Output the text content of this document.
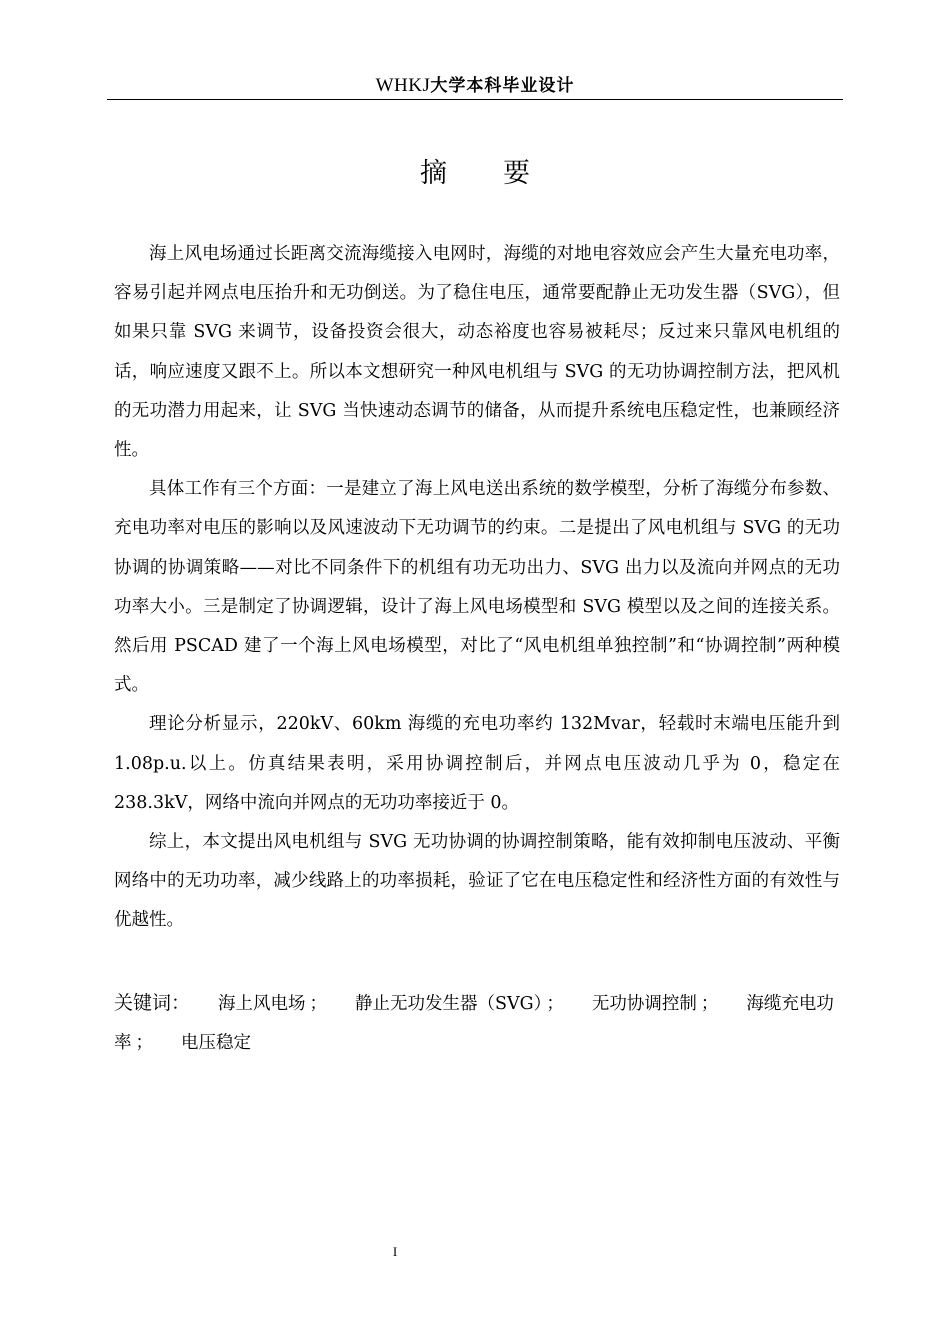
WHKJ大学本科毕业设计
摘要

海上风电场通过长距离交流海缆接入电网时，海缆的对地电容效应会产生大量充电功率，容易引起并网点电压抬升和无功倒送。为了稳住电压，通常要配静止无功发生器（SVG），但如果只靠 SVG 来调节，设备投资会很大，动态裕度也容易被耗尽；反过来只靠风电机组的话，响应速度又跟不上。所以本文想研究一种风电机组与 SVG 的无功协调控制方法，把风机的无功潜力用起来，让 SVG 当快速动态调节的储备，从而提升系统电压稳定性，也兼顾经济性。

具体工作有三个方面：一是建立了海上风电送出系统的数学模型，分析了海缆分布参数、充电功率对电压的影响以及风速波动下无功调节的约束。二是提出了风电机组与 SVG 的无功协调的协调策略——对比不同条件下的机组有功无功出力、SVG 出力以及流向并网点的无功功率大小。三是制定了协调逻辑，设计了海上风电场模型和 SVG 模型以及之间的连接关系。然后用 PSCAD 建了一个海上风电场模型，对比了“风电机组单独控制”和“协调控制”两种模式。

理论分析显示，220kV、60km 海缆的充电功率约 132Mvar，轻载时末端电压能升到 1.08p.u.以上。仿真结果表明，采用协调控制后，并网点电压波动几乎为 0，稳定在 238.3kV，网络中流向并网点的无功功率接近于 0。

综上，本文提出风电机组与 SVG 无功协调的协调控制策略，能有效抑制电压波动、平衡网络中的无功功率，减少线路上的功率损耗，验证了它在电压稳定性和经济性方面的有效性与优越性。

关键词： 海上风电场 ； 静止无功发生器（SVG） ； 无功协调控制 ； 海缆充电功率 ； 电压稳定
I
